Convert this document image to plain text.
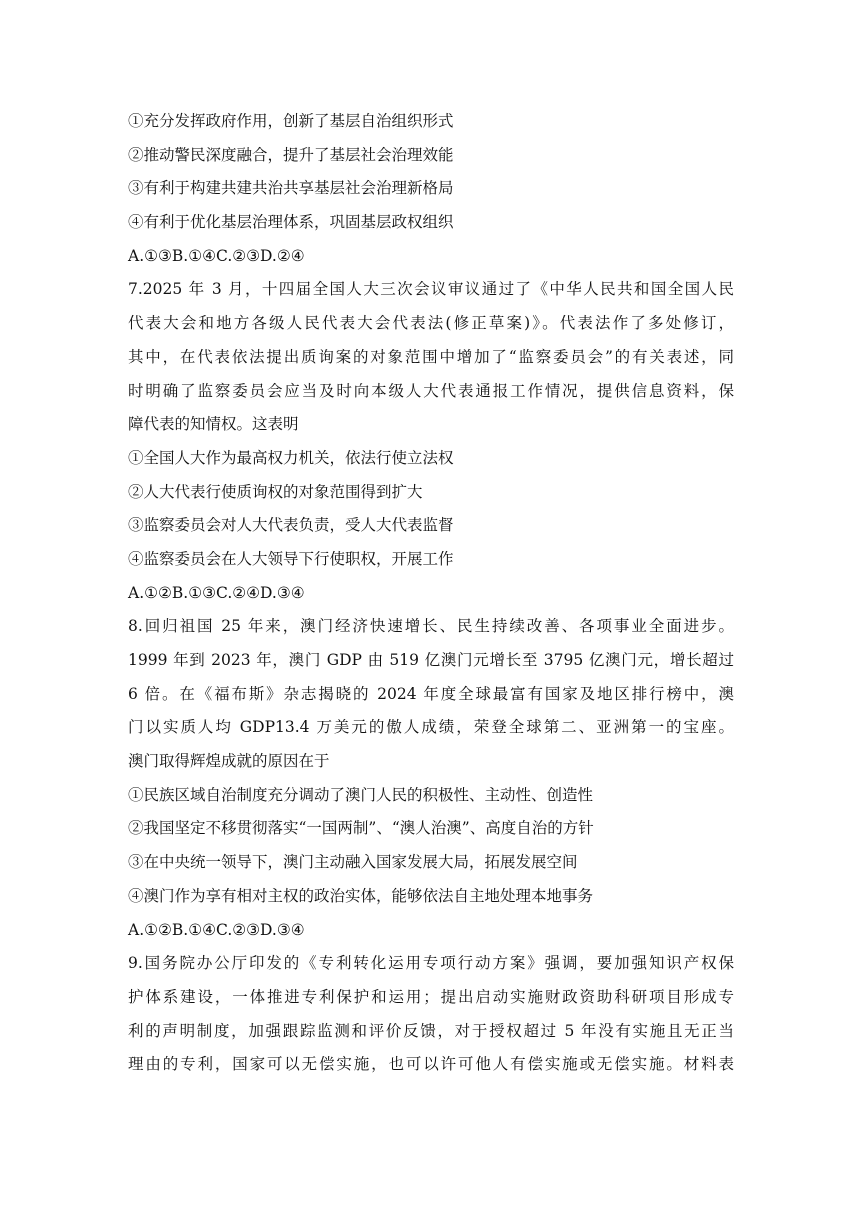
①充分发挥政府作用，创新了基层自治组织形式
②推动警民深度融合，提升了基层社会治理效能
③有利于构建共建共治共享基层社会治理新格局
④有利于优化基层治理体系，巩固基层政权组织
A.①③B.①④C.②③D.②④
7.2025 年 3 月，十四届全国人大三次会议审议通过了《中华人民共和国全国人民
代表大会和地方各级人民代表大会代表法(修正草案)》。代表法作了多处修订，
其中，在代表依法提出质询案的对象范围中增加了“监察委员会”的有关表述，同
时明确了监察委员会应当及时向本级人大代表通报工作情况，提供信息资料，保
障代表的知情权。这表明
①全国人大作为最高权力机关，依法行使立法权
②人大代表行使质询权的对象范围得到扩大
③监察委员会对人大代表负责，受人大代表监督
④监察委员会在人大领导下行使职权，开展工作
A.①②B.①③C.②④D.③④
8.回归祖国 25 年来，澳门经济快速增长、民生持续改善、各项事业全面进步。
1999 年到 2023 年，澳门 GDP 由 519 亿澳门元增长至 3795 亿澳门元，增长超过
6 倍。在《福布斯》杂志揭晓的 2024 年度全球最富有国家及地区排行榜中，澳
门以实质人均 GDP13.4 万美元的傲人成绩，荣登全球第二、亚洲第一的宝座。
澳门取得辉煌成就的原因在于
①民族区域自治制度充分调动了澳门人民的积极性、主动性、创造性
②我国坚定不移贯彻落实“一国两制”、“澳人治澳”、高度自治的方针
③在中央统一领导下，澳门主动融入国家发展大局，拓展发展空间
④澳门作为享有相对主权的政治实体，能够依法自主地处理本地事务
A.①②B.①④C.②③D.③④
9.国务院办公厅印发的《专利转化运用专项行动方案》强调，要加强知识产权保
护体系建设，一体推进专利保护和运用；提出启动实施财政资助科研项目形成专
利的声明制度，加强跟踪监测和评价反馈，对于授权超过 5 年没有实施且无正当
理由的专利，国家可以无偿实施，也可以许可他人有偿实施或无偿实施。材料表
